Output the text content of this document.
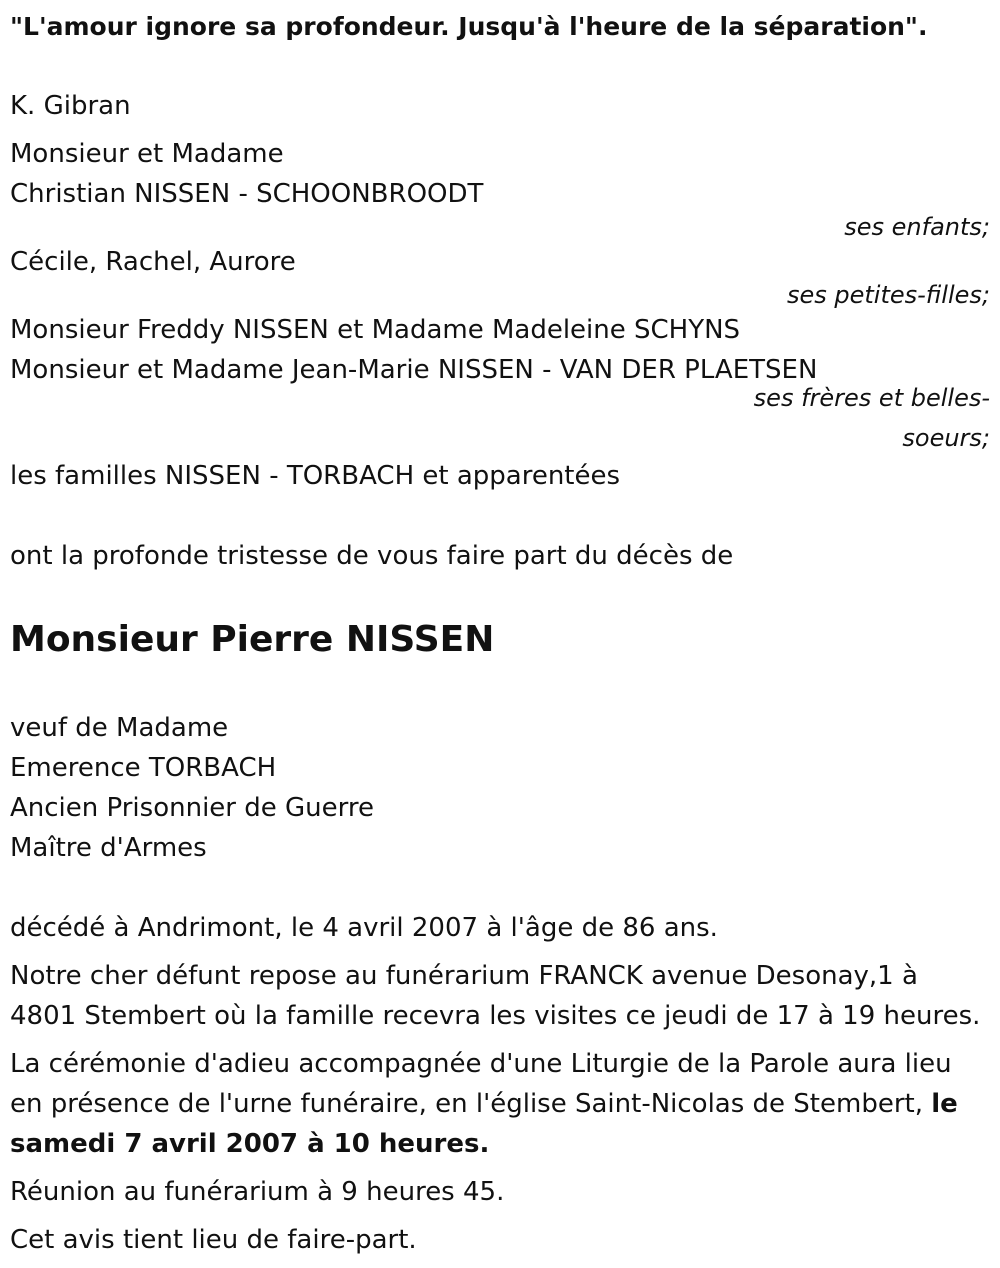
"L'amour ignore sa profondeur. Jusqu'à l'heure de la séparation".

K. Gibran

Monsieur et Madame

Christian NISSEN - SCHOONBROODT

ses enfants;

Cécile, Rachel, Aurore

ses petites-filles;

Monsieur Freddy NISSEN et Madame Madeleine SCHYNS

Monsieur et Madame Jean-Marie NISSEN - VAN DER PLAETSEN

ses frères et belles-soeurs;

les familles NISSEN - TORBACH et apparentées

ont la profonde tristesse de vous faire part du décès de

Monsieur Pierre NISSEN

veuf de Madame

Emerence TORBACH

Ancien Prisonnier de Guerre

Maître d'Armes

décédé à Andrimont, le 4 avril 2007 à l'âge de 86 ans.

Notre cher défunt repose au funérarium FRANCK avenue Desonay,1 à 4801 Stembert où la famille recevra les visites ce jeudi de 17 à 19 heures.

La cérémonie d'adieu accompagnée d'une Liturgie de la Parole aura lieu en présence de l'urne funéraire, en l'église Saint-Nicolas de Stembert, le samedi 7 avril 2007 à 10 heures.

Réunion au funérarium à 9 heures 45.

Cet avis tient lieu de faire-part.
